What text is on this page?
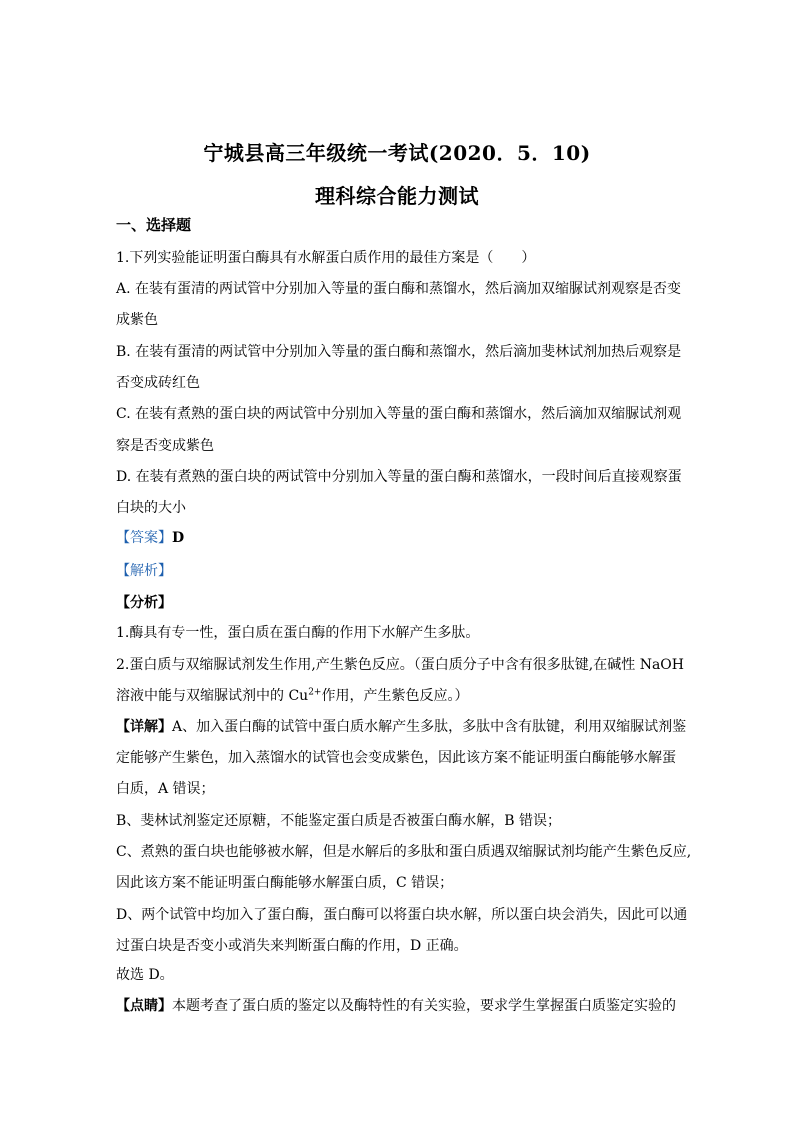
宁城县高三年级统一考试(2020．5．10)
理科综合能力测试
一、选择题
1.下列实验能证明蛋白酶具有水解蛋白质作用的最佳方案是（　　）
A. 在装有蛋清的两试管中分别加入等量的蛋白酶和蒸馏水，然后滴加双缩脲试剂观察是否变
成紫色
B. 在装有蛋清的两试管中分别加入等量的蛋白酶和蒸馏水，然后滴加斐林试剂加热后观察是
否变成砖红色
C. 在装有煮熟的蛋白块的两试管中分别加入等量的蛋白酶和蒸馏水，然后滴加双缩脲试剂观
察是否变成紫色
D. 在装有煮熟的蛋白块的两试管中分别加入等量的蛋白酶和蒸馏水，一段时间后直接观察蛋
白块的大小
【答案】D
【解析】
【分析】
1.酶具有专一性，蛋白质在蛋白酶的作用下水解产生多肽。
2.蛋白质与双缩脲试剂发生作用,产生紫色反应。（蛋白质分子中含有很多肽键,在碱性 NaOH
溶液中能与双缩脲试剂中的 $Cu^{2+}$作用，产生紫色反应。）
【详解】A、加入蛋白酶的试管中蛋白质水解产生多肽，多肽中含有肽键，利用双缩脲试剂鉴
定能够产生紫色，加入蒸馏水的试管也会变成紫色，因此该方案不能证明蛋白酶能够水解蛋
白质，A 错误；
B、斐林试剂鉴定还原糖，不能鉴定蛋白质是否被蛋白酶水解，B 错误；
C、煮熟的蛋白块也能够被水解，但是水解后的多肽和蛋白质遇双缩脲试剂均能产生紫色反应,
因此该方案不能证明蛋白酶能够水解蛋白质，C 错误；
D、两个试管中均加入了蛋白酶，蛋白酶可以将蛋白块水解，所以蛋白块会消失，因此可以通
过蛋白块是否变小或消失来判断蛋白酶的作用，D 正确。
故选 D。
【点睛】本题考查了蛋白质的鉴定以及酶特性的有关实验，要求学生掌握蛋白质鉴定实验的
